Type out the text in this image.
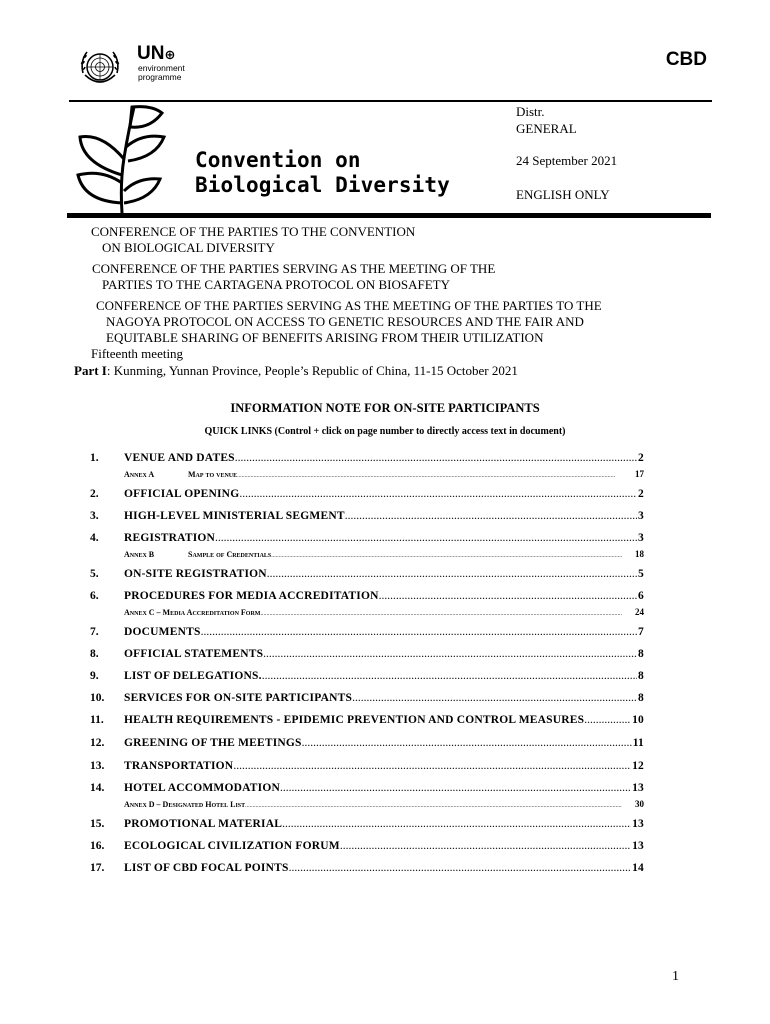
UN⊕
environment
programme
CBD
Convention on
Biological Diversity
Distr.
GENERAL
24 September 2021
ENGLISH ONLY
CONFERENCE OF THE PARTIES TO THE CONVENTION
ON BIOLOGICAL DIVERSITY
CONFERENCE OF THE PARTIES SERVING AS THE MEETING OF THE
PARTIES TO THE CARTAGENA PROTOCOL ON BIOSAFETY
CONFERENCE OF THE PARTIES SERVING AS THE MEETING OF THE PARTIES TO THE
NAGOYA PROTOCOL ON ACCESS TO GENETIC RESOURCES AND THE FAIR AND
EQUITABLE SHARING OF BENEFITS ARISING FROM THEIR UTILIZATION
Fifteenth meeting
Part I: Kunming, Yunnan Province, People’s Republic of China, 11-15 October 2021
INFORMATION NOTE FOR ON-SITE PARTICIPANTS
QUICK LINKS (Control + click on page number to directly access text in document)
1. VENUE AND DATES .....	2
Annex A	Map to venue .....	17
2. OFFICIAL OPENING .....	2
3. HIGH-LEVEL MINISTERIAL SEGMENT .....	3
4. REGISTRATION .....	3
Annex B	Sample of Credentials .....	18
5. ON-SITE REGISTRATION .....	5
6. PROCEDURES FOR MEDIA ACCREDITATION .....	6
Annex C – Media Accreditation Form .....	24
7. DOCUMENTS .....	7
8. OFFICIAL STATEMENTS .....	8
9. LIST OF DELEGATIONS. .....	8
10. SERVICES FOR ON-SITE PARTICIPANTS .....	8
11. HEALTH REQUIREMENTS - EPIDEMIC PREVENTION AND CONTROL MEASURES .....	10
12. GREENING OF THE MEETINGS .....	11
13. TRANSPORTATION .....	12
14. HOTEL ACCOMMODATION .....	13
Annex D – Designated Hotel List .....	30
15. PROMOTIONAL MATERIAL .....	13
16. ECOLOGICAL CIVILIZATION FORUM .....	13
17. LIST OF CBD FOCAL POINTS .....	14
1
